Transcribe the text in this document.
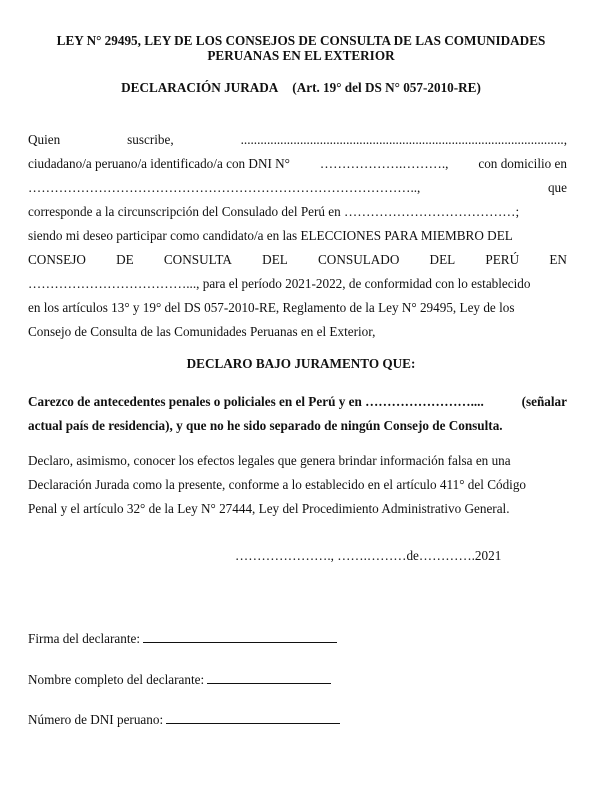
LEY N° 29495, LEY DE LOS CONSEJOS DE CONSULTA DE LAS COMUNIDADES PERUANAS EN EL EXTERIOR
DECLARACIÓN JURADA (Art. 19° del DS N° 057-2010-RE)
Quien	suscribe,	..................................................................................................,
ciudadano/a peruano/a identificado/a con DNI N° ……………….………., con domicilio en
……………………………………………………………………………..,	que
corresponde a la circunscripción del Consulado del Perú en …………………………………;
siendo mi deseo participar como candidato/a en las ELECCIONES PARA MIEMBRO DEL
CONSEJO DE CONSULTA DEL CONSULADO DEL PERÚ EN
………………………………..., para el período 2021-2022, de conformidad con lo establecido
en los artículos 13° y 19° del DS 057-2010-RE, Reglamento de la Ley N° 29495, Ley de los
Consejo de Consulta de las Comunidades Peruanas en el Exterior,
DECLARO BAJO JURAMENTO QUE:
Carezco de antecedentes penales o policiales en el Perú y en ……………………....	(señalar
actual país de residencia), y que no he sido separado de ningún Consejo de Consulta.
Declaro, asimismo, conocer los efectos legales que genera brindar información falsa en una
Declaración Jurada como la presente, conforme a lo establecido en el artículo 411° del Código
Penal y el artículo 32° de la Ley N° 27444, Ley del Procedimiento Administrativo General.
…………………., …….………de………….2021
Firma del declarante:
Nombre completo del declarante:
Número de DNI peruano:
